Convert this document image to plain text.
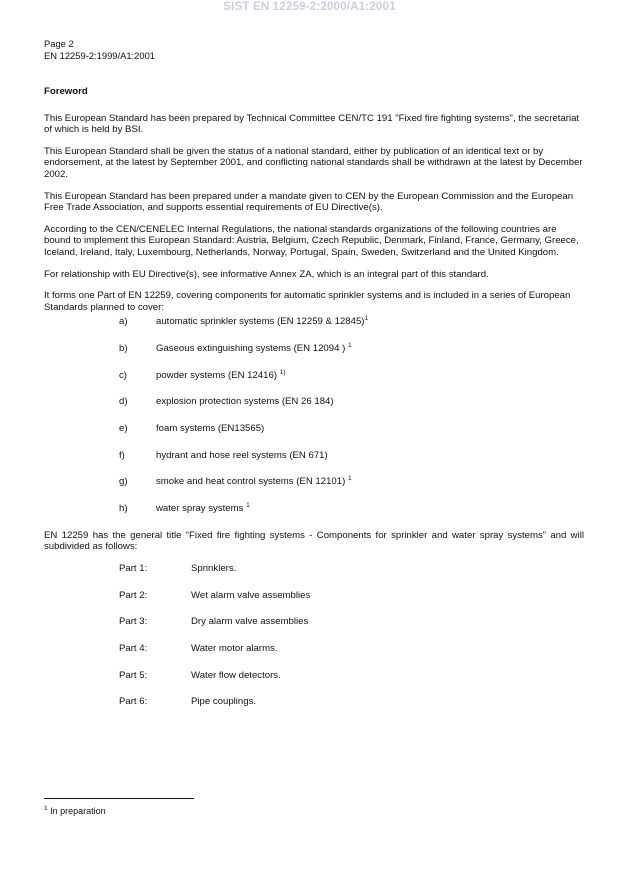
SIST EN 12259-2:2000/A1:2001
Page 2
EN 12259-2:1999/A1:2001
Foreword

This European Standard has been prepared by Technical Committee CEN/TC 191 "Fixed fire fighting systems", the secretariat of which is held by BSI.

This European Standard shall be given the status of a national standard, either by publication of an identical text or by endorsement, at the latest by September 2001, and conflicting national standards shall be withdrawn at the latest by December 2002.

This European Standard has been prepared under a mandate given to CEN by the European Commission and the European Free Trade Association, and supports essential requirements of EU Directive(s).

According to the CEN/CENELEC Internal Regulations, the national standards organizations of the following countries are bound to implement this European Standard: Austria, Belgium, Czech Republic, Denmark, Finland, France, Germany, Greece, Iceland, Ireland, Italy, Luxembourg, Netherlands, Norway, Portugal, Spain, Sweden, Switzerland and the United Kingdom.

For relationship with EU Directive(s), see informative Annex ZA, which is an integral part of this standard.

It forms one Part of EN 12259, covering components for automatic sprinkler systems and is included in a series of European Standards planned to cover:

a)	automatic sprinkler systems (EN 12259 & 12845)$^1$
b)	Gaseous extinguishing systems (EN 12094 ) $^1$
c)	powder systems (EN 12416) $^{1)}$
d)	explosion protection systems (EN 26 184)
e)	foam systems (EN13565)
f)	hydrant and hose reel systems (EN 671)
g)	smoke and heat control systems (EN 12101) $^1$
h)	water spray systems $^1$

EN 12259 has the general title “Fixed fire fighting systems - Components for sprinkler and water spray systems” and will subdivided as follows:

Part 1:	Sprinklers.
Part 2:	Wet alarm valve assemblies
Part 3:	Dry alarm valve assemblies
Part 4:	Water motor alarms.
Part 5:	Water flow detectors.
Part 6:	Pipe couplings.
$^1$ In preparation
